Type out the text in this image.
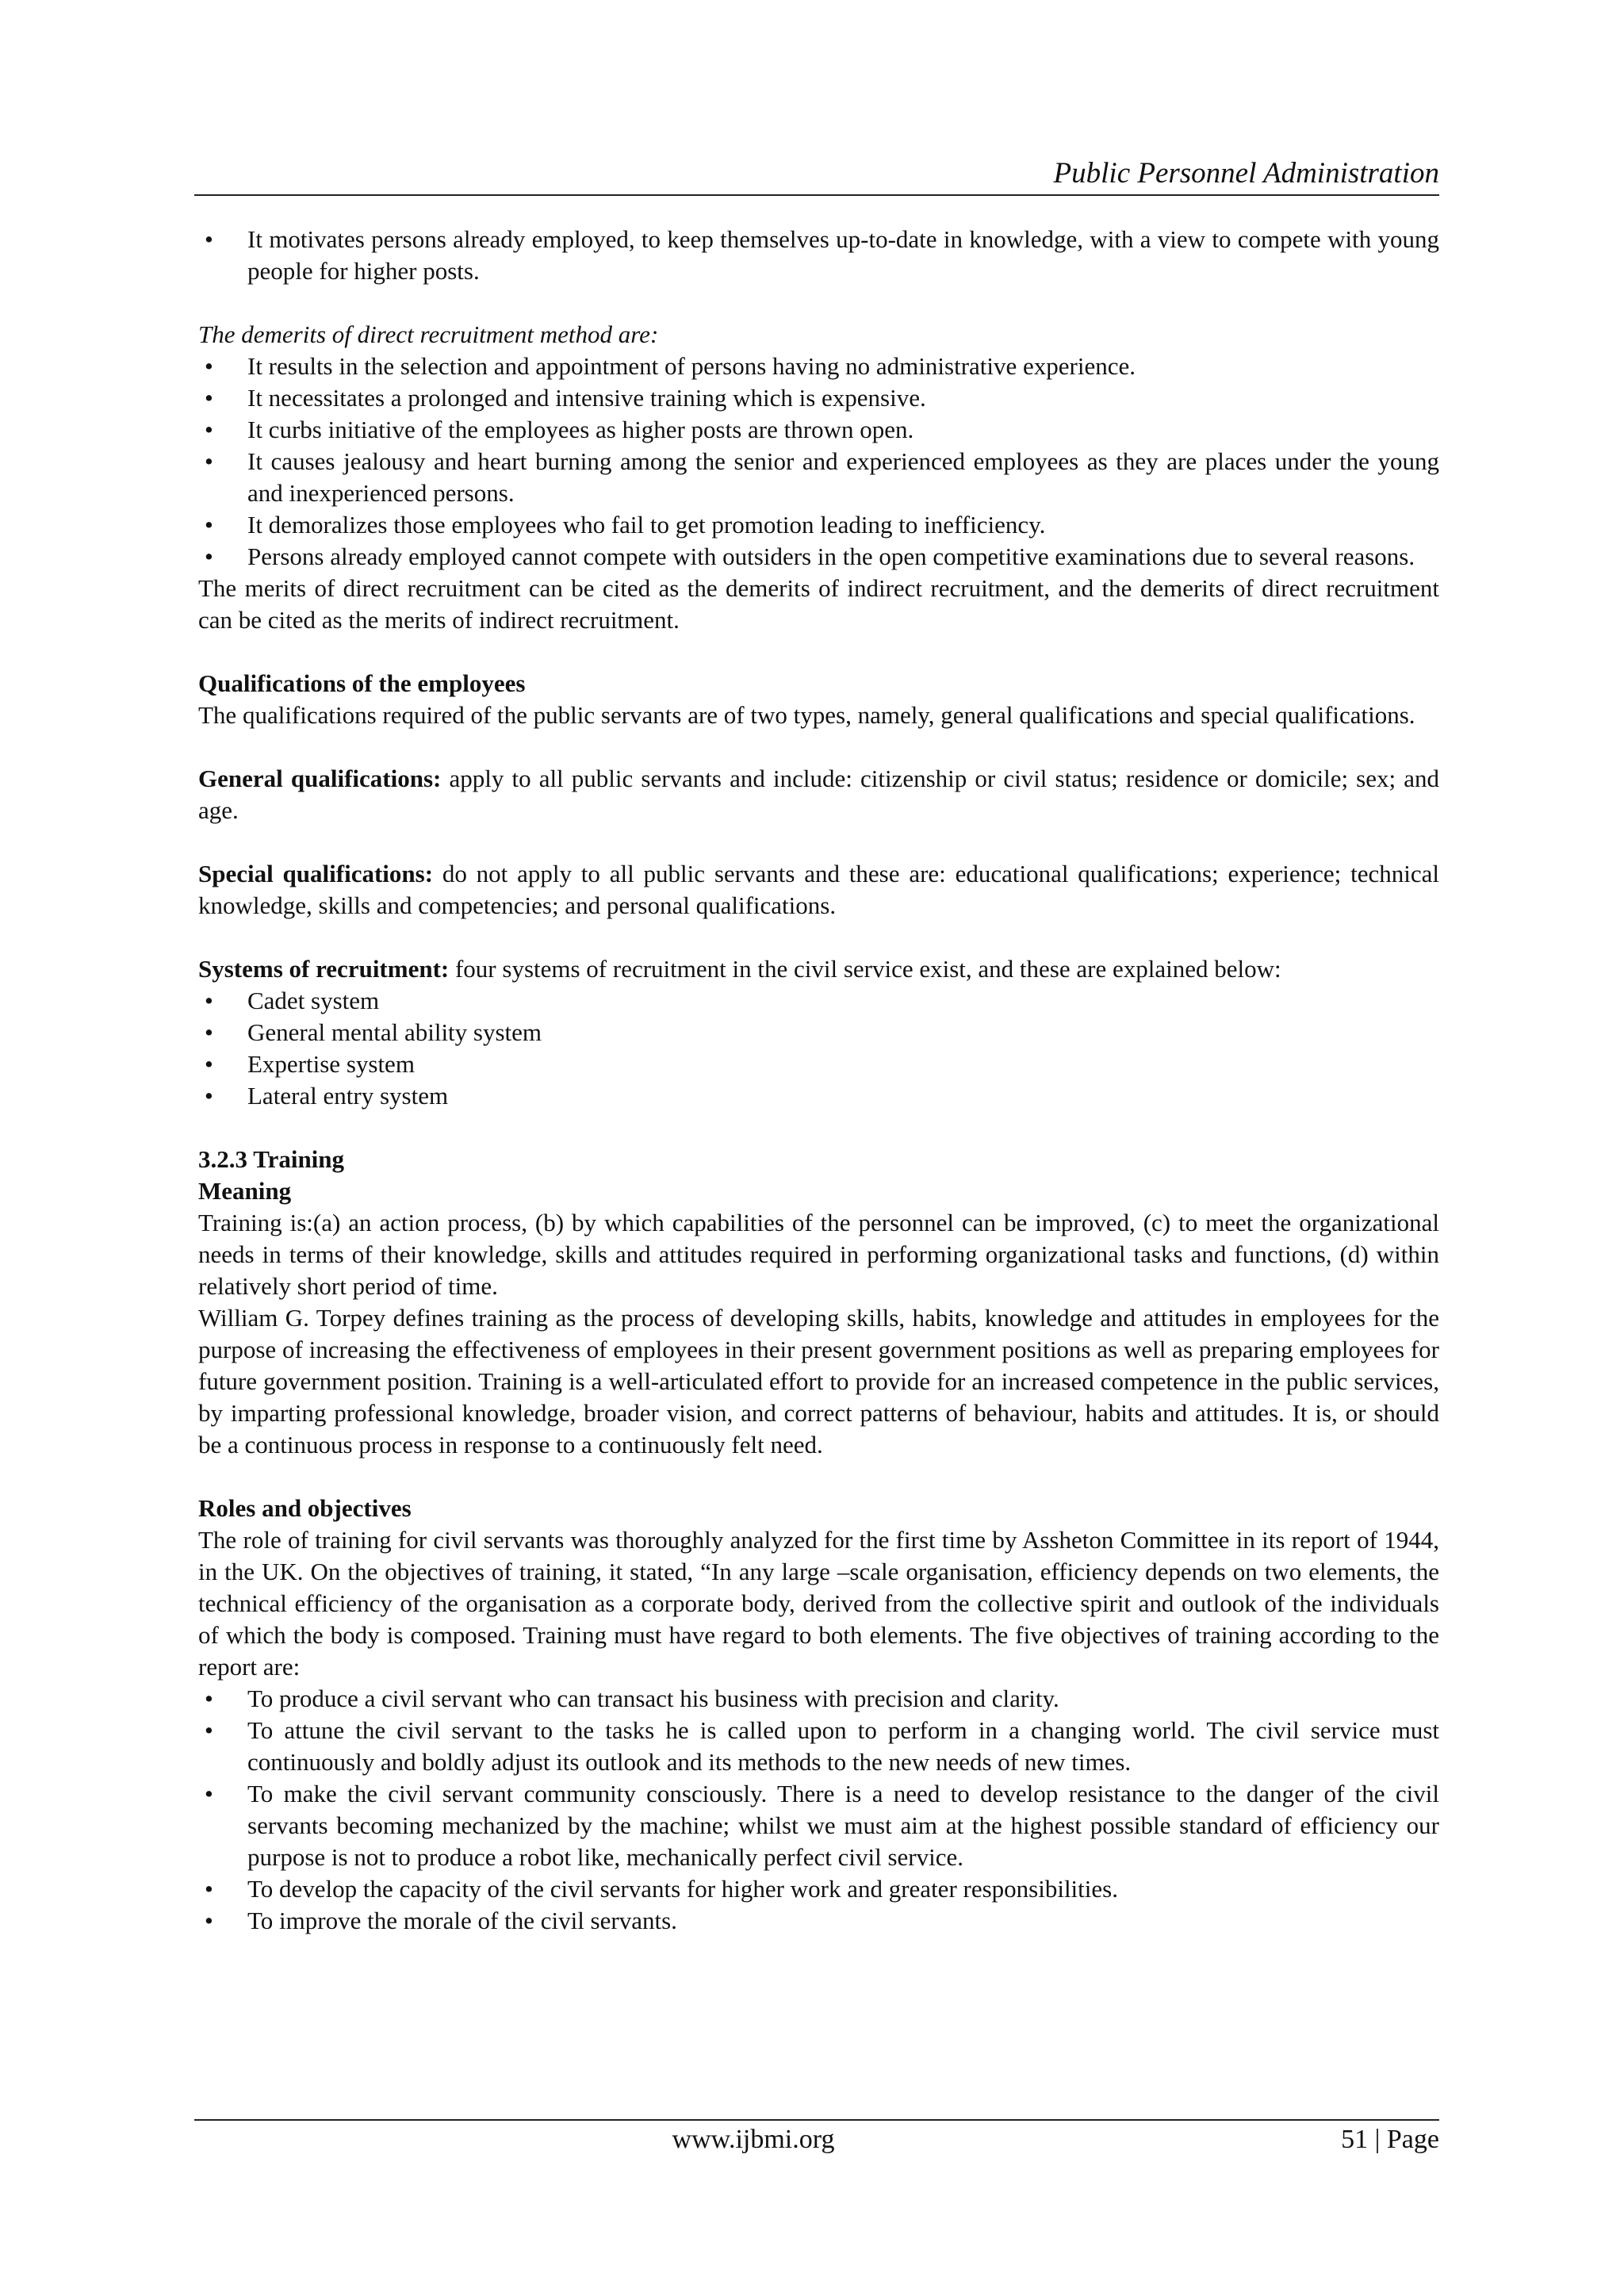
Public Personnel Administration
• It motivates persons already employed, to keep themselves up-to-date in knowledge, with a view to compete with young people for higher posts.

The demerits of direct recruitment method are:

• It results in the selection and appointment of persons having no administrative experience.
• It necessitates a prolonged and intensive training which is expensive.
• It curbs initiative of the employees as higher posts are thrown open.
• It causes jealousy and heart burning among the senior and experienced employees as they are places under the young and inexperienced persons.
• It demoralizes those employees who fail to get promotion leading to inefficiency.
• Persons already employed cannot compete with outsiders in the open competitive examinations due to several reasons.

The merits of direct recruitment can be cited as the demerits of indirect recruitment, and the demerits of direct recruitment can be cited as the merits of indirect recruitment.

Qualifications of the employees

The qualifications required of the public servants are of two types, namely, general qualifications and special qualifications.

General qualifications: apply to all public servants and include: citizenship or civil status; residence or domicile; sex; and age.

Special qualifications: do not apply to all public servants and these are: educational qualifications; experience; technical knowledge, skills and competencies; and personal qualifications.

Systems of recruitment: four systems of recruitment in the civil service exist, and these are explained below:

• Cadet system
• General mental ability system
• Expertise system
• Lateral entry system

3.2.3 Training

Meaning

Training is:(a) an action process, (b) by which capabilities of the personnel can be improved, (c) to meet the organizational needs in terms of their knowledge, skills and attitudes required in performing organizational tasks and functions, (d) within relatively short period of time.

William G. Torpey defines training as the process of developing skills, habits, knowledge and attitudes in employees for the purpose of increasing the effectiveness of employees in their present government positions as well as preparing employees for future government position. Training is a well-articulated effort to provide for an increased competence in the public services, by imparting professional knowledge, broader vision, and correct patterns of behaviour, habits and attitudes. It is, or should be a continuous process in response to a continuously felt need.

Roles and objectives

The role of training for civil servants was thoroughly analyzed for the first time by Assheton Committee in its report of 1944, in the UK. On the objectives of training, it stated, “In any large –scale organisation, efficiency depends on two elements, the technical efficiency of the organisation as a corporate body, derived from the collective spirit and outlook of the individuals of which the body is composed. Training must have regard to both elements. The five objectives of training according to the report are:

• To produce a civil servant who can transact his business with precision and clarity.
• To attune the civil servant to the tasks he is called upon to perform in a changing world. The civil service must continuously and boldly adjust its outlook and its methods to the new needs of new times.
• To make the civil servant community consciously. There is a need to develop resistance to the danger of the civil servants becoming mechanized by the machine; whilst we must aim at the highest possible standard of efficiency our purpose is not to produce a robot like, mechanically perfect civil service.
• To develop the capacity of the civil servants for higher work and greater responsibilities.
• To improve the morale of the civil servants.
www.ijbmi.org	51 | Page
